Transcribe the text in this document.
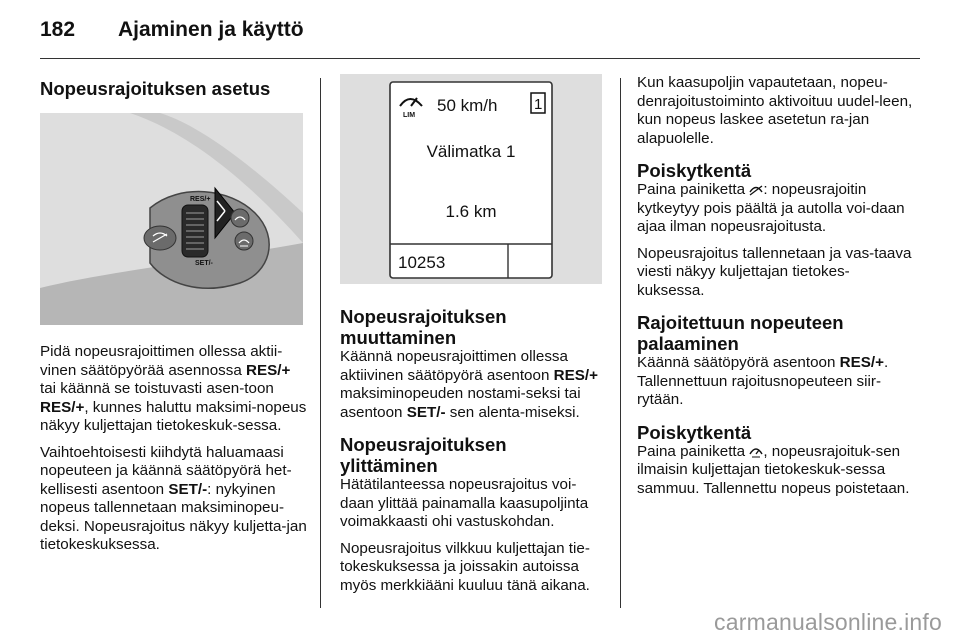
182 Ajaminen ja käyttö
Nopeusrajoituksen asetus
RES/+
SET/-

Pidä nopeusrajoittimen ollessa aktii-vinen säätöpyörää asennossa RES/+ tai käännä se toistuvasti asen-toon RES/+, kunnes haluttu maksimi-nopeus näkyy kuljettajan tietokeskuk-sessa.

Vaihtoehtoisesti kiihdytä haluamaasi nopeuteen ja käännä säätöpyörä het-kellisesti asentoon SET/-: nykyinen nopeus tallennetaan maksiminopeu-deksi. Nopeusrajoitus näkyy kuljetta-jan tietokeskuksessa.

LIM
50 km/h 1
Välimatka 1
1.6 km
10253
Nopeusrajoituksen muuttaminen

Käännä nopeusrajoittimen ollessa aktiivinen säätöpyörä asentoon RES/+ maksiminopeuden nostami-seksi tai asentoon SET/- sen alenta-miseksi.

Nopeusrajoituksen ylittäminen

Hätätilanteessa nopeusrajoitus voi-daan ylittää painamalla kaasupoljinta voimakkaasti ohi vastuskohdan.

Nopeusrajoitus vilkkuu kuljettajan tie-tokeskuksessa ja joissakin autoissa myös merkkiääni kuuluu tänä aikana.

Kun kaasupoljin vapautetaan, nopeu-denrajoitustoiminto aktivoituu uudel-leen, kun nopeus laskee asetetun ra-jan alapuolelle.

Poiskytkentä

Paina painiketta : nopeusrajoitin kytkeytyy pois päältä ja autolla voi-daan ajaa ilman nopeusrajoitusta.

Nopeusrajoitus tallennetaan ja vas-taava viesti näkyy kuljettajan tietokes-kuksessa.

Rajoitettuun nopeuteen palaaminen

Käännä säätöpyörä asentoon RES/+. Tallennettuun rajoitusnopeuteen siir-rytään.

Poiskytkentä

Paina painiketta , nopeusrajoituk-sen ilmaisin kuljettajan tietokeskuk-sessa sammuu. Tallennettu nopeus poistetaan.

carmanualsonline.info
